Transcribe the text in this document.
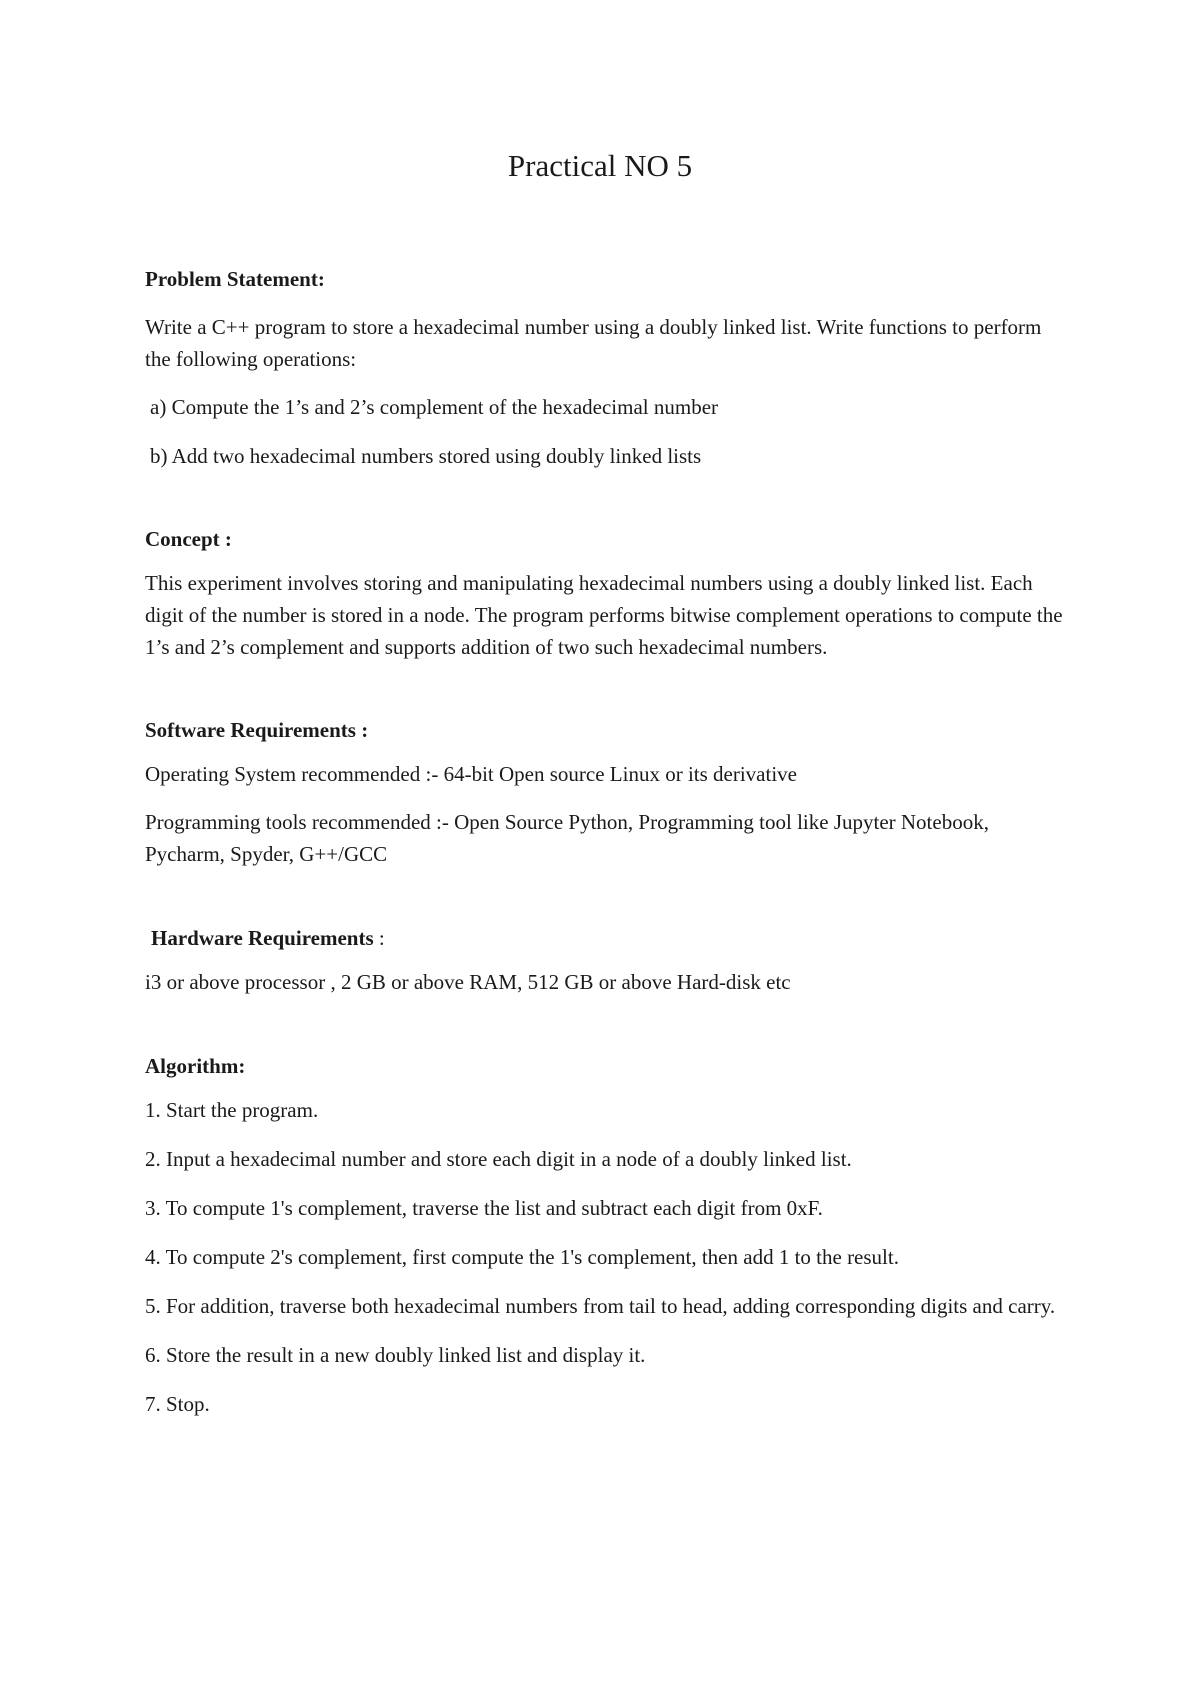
Practical NO 5

Problem Statement:

Write a C++ program to store a hexadecimal number using a doubly linked list. Write functions to perform the following operations:

a) Compute the 1’s and 2’s complement of the hexadecimal number

b) Add two hexadecimal numbers stored using doubly linked lists

Concept :

This experiment involves storing and manipulating hexadecimal numbers using a doubly linked list. Each digit of the number is stored in a node. The program performs bitwise complement operations to compute the 1’s and 2’s complement and supports addition of two such hexadecimal numbers.

Software Requirements :

Operating System recommended :- 64-bit Open source Linux or its derivative

Programming tools recommended :- Open Source Python, Programming tool like Jupyter Notebook, Pycharm, Spyder, G++/GCC

Hardware Requirements :

i3 or above processor , 2 GB or above RAM, 512 GB or above Hard-disk etc

Algorithm:

1. Start the program.

2. Input a hexadecimal number and store each digit in a node of a doubly linked list.

3. To compute 1's complement, traverse the list and subtract each digit from 0xF.

4. To compute 2's complement, first compute the 1's complement, then add 1 to the result.

5. For addition, traverse both hexadecimal numbers from tail to head, adding corresponding digits and carry.

6. Store the result in a new doubly linked list and display it.

7. Stop.
